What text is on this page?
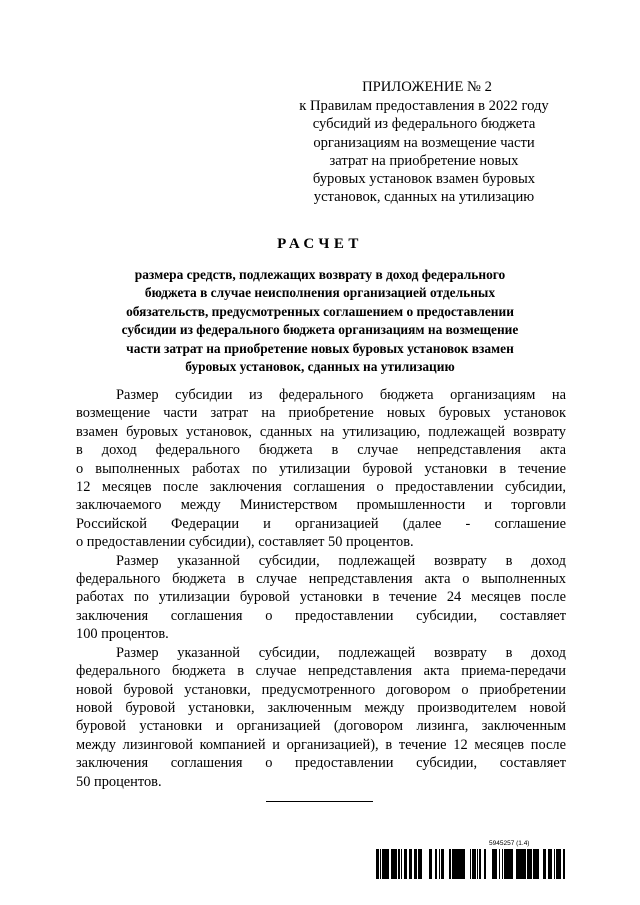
ПРИЛОЖЕНИЕ № 2
к Правилам предоставления в 2022 году
субсидий из федерального бюджета
организациям на возмещение части
затрат на приобретение новых
буровых установок взамен буровых
установок, сданных на утилизацию
РАСЧЕТ
размера средств, подлежащих возврату в доход федерального
бюджета в случае неисполнения организацией отдельных
обязательств, предусмотренных соглашением о предоставлении
субсидии из федерального бюджета организациям на возмещение
части затрат на приобретение новых буровых установок взамен
буровых установок, сданных на утилизацию

Размер субсидии из федерального бюджета организациям на
возмещение части затрат на приобретение новых буровых установок
взамен буровых установок, сданных на утилизацию, подлежащей возврату
в доход федерального бюджета в случае непредставления акта
о выполненных работах по утилизации буровой установки в течение
12 месяцев после заключения соглашения о предоставлении субсидии,
заключаемого между Министерством промышленности и торговли
Российской Федерации и организацией (далее - соглашение
о предоставлении субсидии), составляет 50 процентов.

Размер указанной субсидии, подлежащей возврату в доход
федерального бюджета в случае непредставления акта о выполненных
работах по утилизации буровой установки в течение 24 месяцев после
заключения соглашения о предоставлении субсидии, составляет
100 процентов.

Размер указанной субсидии, подлежащей возврату в доход
федерального бюджета в случае непредставления акта приема-передачи
новой буровой установки, предусмотренного договором о приобретении
новой буровой установки, заключенным между производителем новой
буровой установки и организацией (договором лизинга, заключенным
между лизинговой компанией и организацией), в течение 12 месяцев после
заключения соглашения о предоставлении субсидии, составляет
50 процентов.

5945257 (1.4)
